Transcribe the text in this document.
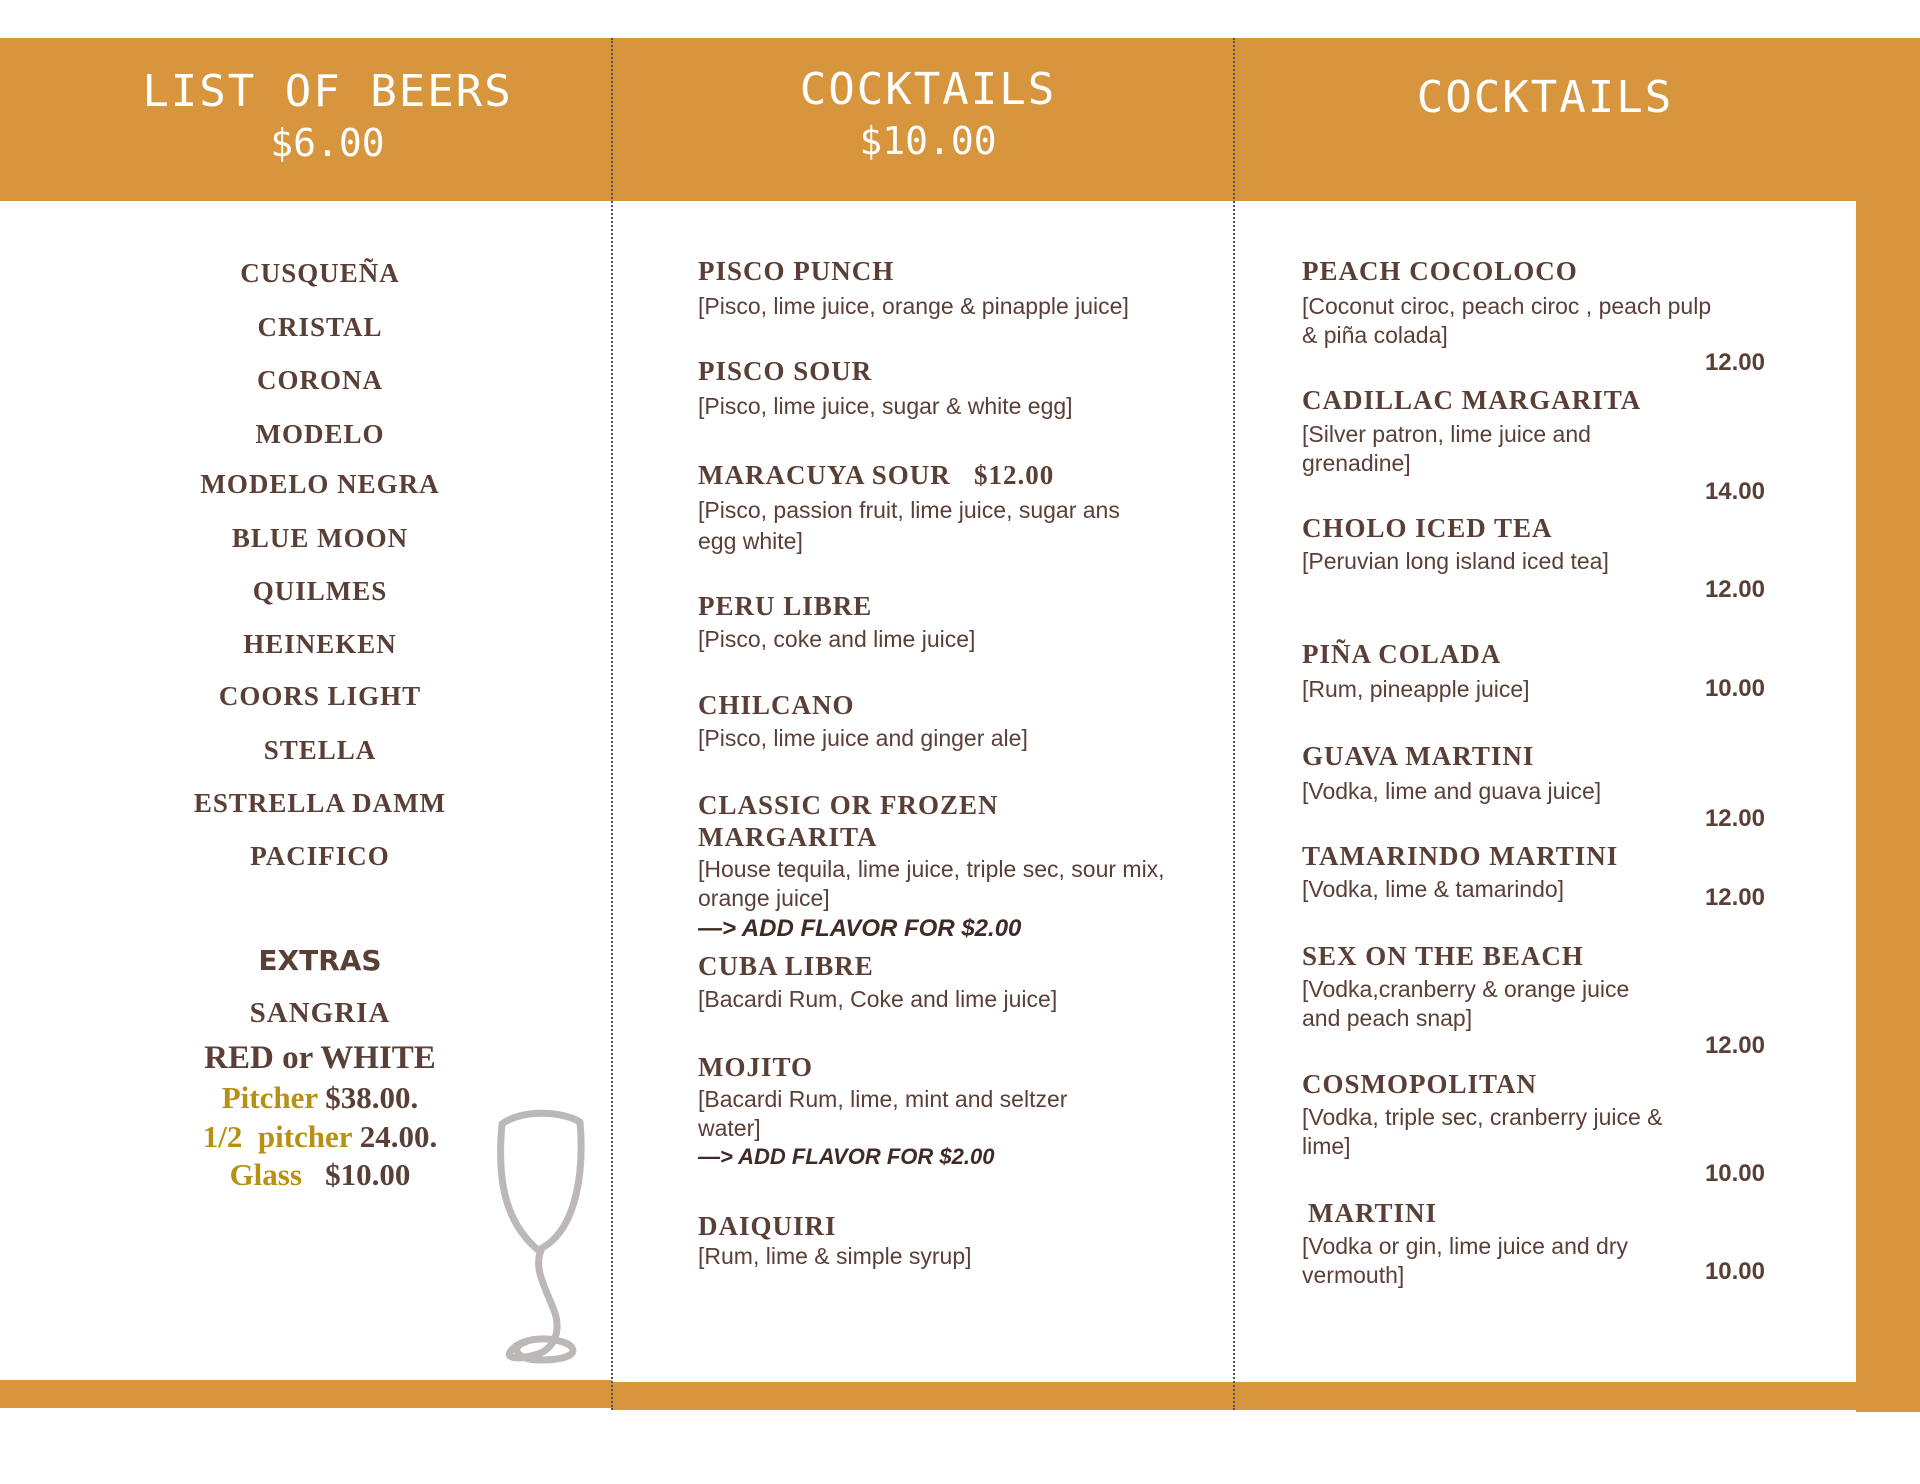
LIST OF BEERS
$6.00
COCKTAILS
$10.00
COCKTAILS
CUSQUEÑA
CRISTAL
CORONA
MODELO
MODELO NEGRA
BLUE MOON
QUILMES
HEINEKEN
COORS LIGHT
STELLA
ESTRELLA DAMM
PACIFICO
EXTRAS
SANGRIA
RED or WHITE
Pitcher $38.00.
1/2  pitcher 24.00.
Glass $10.00
PISCO PUNCH
[Pisco, lime juice, orange & pinapple juice]
PISCO SOUR
[Pisco, lime juice, sugar & white egg]
MARACUYA SOUR   $12.00
[Pisco, passion fruit, lime juice, sugar ans egg white]
PERU LIBRE
[Pisco, coke and lime juice]
CHILCANO
[Pisco, lime juice and ginger ale]
CLASSIC OR FROZEN MARGARITA
[House tequila, lime juice, triple sec, sour mix, orange juice]
—> ADD FLAVOR FOR $2.00
CUBA LIBRE
[Bacardi Rum, Coke and lime juice]
MOJITO
[Bacardi Rum, lime, mint and seltzer water]
—> ADD FLAVOR FOR $2.00
DAIQUIRI
[Rum, lime & simple syrup]
PEACH COCOLOCO
[Coconut ciroc, peach ciroc , peach pulp & piña colada]
12.00
CADILLAC MARGARITA
[Silver patron, lime juice and grenadine]
14.00
CHOLO ICED TEA
[Peruvian long island iced tea]
12.00
PIÑA COLADA
[Rum, pineapple juice]	10.00
GUAVA MARTINI
[Vodka, lime and guava juice]
12.00
TAMARINDO MARTINI
[Vodka, lime & tamarindo]	12.00
SEX ON THE BEACH
[Vodka,cranberry & orange juice and peach snap]
12.00
COSMOPOLITAN
[Vodka, triple sec, cranberry juice & lime]
10.00
MARTINI
[Vodka or gin, lime juice and dry vermouth]	10.00
